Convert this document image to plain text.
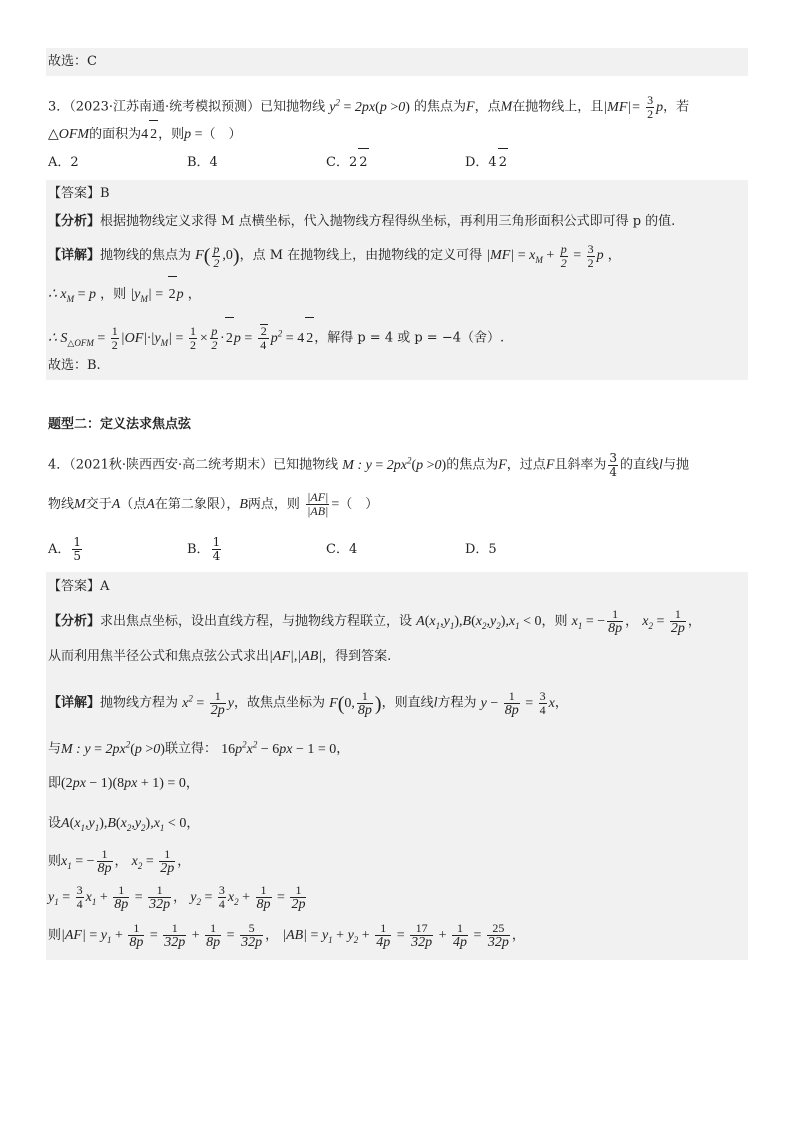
故选：C
3．（2023·江苏南通·统考模拟预测）已知抛物线 $y^2 = 2px(p >0)$ 的焦点为F，点M在抛物线上，且$|MF|= \frac{3}{2}$ p，若
△OFM的面积为4 2，则p =（　）
A．2	B．4	C．2 2	D．4 2
【答案】B
【分析】根据抛物线定义求得 M 点横坐标，代入抛物线方程得纵坐标，再利用三角形面积公式即可得 p 的值.
【详解】抛物线的焦点为 $F( \frac{p}{2} ,0)$，点 M 在抛物线上，由抛物线的定义可得 $|MF| = x_M + \frac{p}{2} = \frac{3}{2}$ p ，
∴ $x_M = p$ ，则 $|y_M| = 2p$ ，
∴ $S_{\triangle OFM} = \frac{1}{2} |OF|\cdot|y_M| = \frac{1}{2} \times \frac{p}{2} \cdot 2p = \frac{2}{4} p^2 = 4$ 2，解得 p = 4 或 p = −4（舍）.
故选：B.
题型二：定义法求焦点弦
4．（2021秋·陕西西安·高二统考期末）已知抛物线 M : $y = 2px^2(p >0)$的焦点为F，过点F且斜率为 $\frac{3}{4}$ 的直线l与抛
物线M交于A（点A在第二象限），B两点，则 $\frac{|AF|}{|AB|}$ =（　）
A． $\frac{1}{5}$	B． $\frac{1}{4}$	C．4	D．5
【答案】A
【分析】求出焦点坐标，设出直线方程，与抛物线方程联立，设 $A(x_1,y_1),B(x_2,y_2),x_1 < 0$，则 $x_1$ = − $\frac{1}{8p}$ ， $x_2 = \frac{1}{2p}$ ，
从而利用焦半径公式和焦点弦公式求出|AF|,|AB|，得到答案.
【详解】抛物线方程为 $x^2 = \frac{1}{2p}$ y，故焦点坐标为 F(0, $\frac{1}{8p}$ )，则直线l方程为 $y - \frac{1}{8p} = \frac{3}{4}$ x，
与M : $y = 2px^2(p >0)$联立得： $16p^2x^2 - 6px - 1 = 0$，
即(2px − 1)(8px + 1) = 0，
设$A(x_1,y_1),B(x_2,y_2),x_1 < 0$，
则$x_1$ = − $\frac{1}{8p}$ ， $x_2 = \frac{1}{2p}$ ，
$y_1 = \frac{3}{4} x_1 + \frac{1}{8p} = \frac{1}{32p}$ ， $y_2 = \frac{3}{4} x_2 + \frac{1}{8p} = \frac{1}{2p}$
则$|AF| = y_1 + \frac{1}{8p} = \frac{1}{32p} + \frac{1}{8p} = \frac{5}{32p}$ ， $|AB| = y_1 + y_2 + \frac{1}{4p} = \frac{17}{32p} + \frac{1}{4p} = \frac{25}{32p}$ ，
